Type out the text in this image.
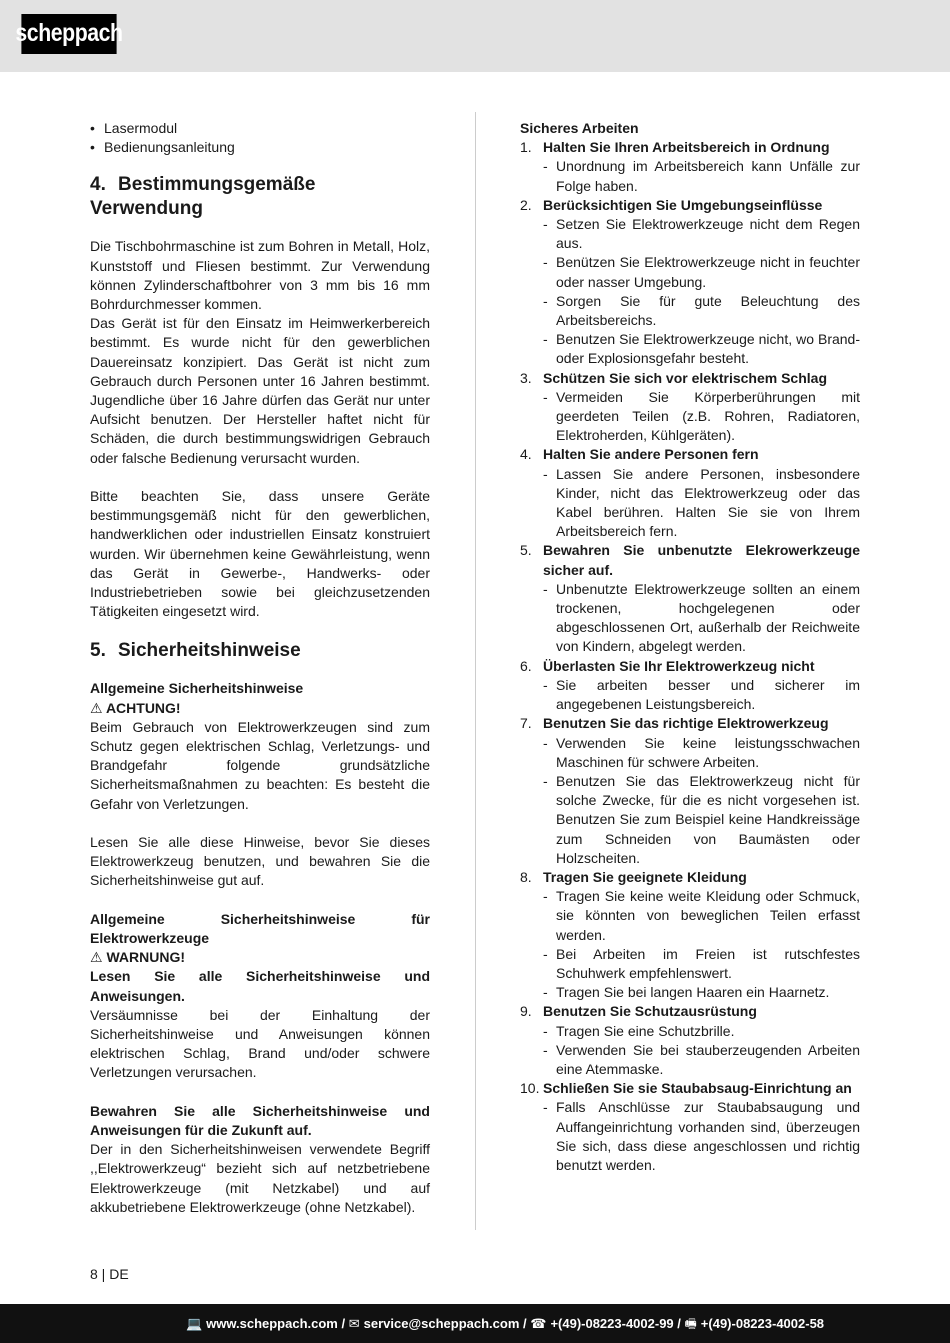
scheppach
• Lasermodul
• Bedienungsanleitung
4. Bestimmungsgemäße Verwendung

Die Tischbohrmaschine ist zum Bohren in Metall, Holz, Kunststoff und Fliesen bestimmt. Zur Verwendung können Zylinderschaftbohrer von 3 mm bis 16 mm Bohrdurchmesser kommen.

Das Gerät ist für den Einsatz im Heimwerkerbereich bestimmt. Es wurde nicht für den gewerblichen Dauereinsatz konzipiert. Das Gerät ist nicht zum Gebrauch durch Personen unter 16 Jahren bestimmt. Jugendliche über 16 Jahre dürfen das Gerät nur unter Aufsicht benutzen. Der Hersteller haftet nicht für Schäden, die durch bestimmungswidrigen Gebrauch oder falsche Bedienung verursacht wurden.

Bitte beachten Sie, dass unsere Geräte bestimmungsgemäß nicht für den gewerblichen, handwerklichen oder industriellen Einsatz konstruiert wurden. Wir übernehmen keine Gewährleistung, wenn das Gerät in Gewerbe-, Handwerks- oder Industriebetrieben sowie bei gleichzusetzenden Tätigkeiten eingesetzt wird.

5. Sicherheitshinweise

Allgemeine Sicherheitshinweise

⚠ ACHTUNG!

Beim Gebrauch von Elektrowerkzeugen sind zum Schutz gegen elektrischen Schlag, Verletzungs- und Brandgefahr folgende grundsätzliche Sicherheitsmaßnahmen zu beachten: Es besteht die Gefahr von Verletzungen.

Lesen Sie alle diese Hinweise, bevor Sie dieses Elektrowerkzeug benutzen, und bewahren Sie die Sicherheitshinweise gut auf.

Allgemeine Sicherheitshinweise für Elektrowerkzeuge

⚠ WARNUNG!

Lesen Sie alle Sicherheitshinweise und Anweisungen.

Versäumnisse bei der Einhaltung der Sicherheitshinweise und Anweisungen können elektrischen Schlag, Brand und/oder schwere Verletzungen verursachen.

Bewahren Sie alle Sicherheitshinweise und Anweisungen für die Zukunft auf.

Der in den Sicherheitshinweisen verwendete Begriff ,,Elektrowerkzeug“ bezieht sich auf netzbetriebene Elektrowerkzeuge (mit Netzkabel) und auf akkubetriebene Elektrowerkzeuge (ohne Netzkabel).

Sicheres Arbeiten

1. Halten Sie Ihren Arbeitsbereich in Ordnung
- Unordnung im Arbeitsbereich kann Unfälle zur Folge haben.
2. Berücksichtigen Sie Umgebungseinflüsse
- Setzen Sie Elektrowerkzeuge nicht dem Regen aus.
- Benützen Sie Elektrowerkzeuge nicht in feuchter oder nasser Umgebung.
- Sorgen Sie für gute Beleuchtung des Arbeitsbereichs.
- Benutzen Sie Elektrowerkzeuge nicht, wo Brand- oder Explosionsgefahr besteht.
3. Schützen Sie sich vor elektrischem Schlag
- Vermeiden Sie Körperberührungen mit geerdeten Teilen (z.B. Rohren, Radiatoren, Elektroherden, Kühlgeräten).
4. Halten Sie andere Personen fern
- Lassen Sie andere Personen, insbesondere Kinder, nicht das Elektrowerkzeug oder das Kabel berühren. Halten Sie sie von Ihrem Arbeitsbereich fern.
5. Bewahren Sie unbenutzte Elekrowerkzeuge sicher auf.
- Unbenutzte Elektrowerkzeuge sollten an einem trockenen, hochgelegenen oder abgeschlossenen Ort, außerhalb der Reichweite von Kindern, abgelegt werden.
6. Überlasten Sie Ihr Elektrowerkzeug nicht
- Sie arbeiten besser und sicherer im angegebenen Leistungsbereich.
7. Benutzen Sie das richtige Elektrowerkzeug
- Verwenden Sie keine leistungsschwachen Maschinen für schwere Arbeiten.
- Benutzen Sie das Elektrowerkzeug nicht für solche Zwecke, für die es nicht vorgesehen ist. Benutzen Sie zum Beispiel keine Handkreissäge zum Schneiden von Baumästen oder Holzscheiten.
8. Tragen Sie geeignete Kleidung
- Tragen Sie keine weite Kleidung oder Schmuck, sie könnten von beweglichen Teilen erfasst werden.
- Bei Arbeiten im Freien ist rutschfestes Schuhwerk empfehlenswert.
- Tragen Sie bei langen Haaren ein Haarnetz.
9. Benutzen Sie Schutzausrüstung
- Tragen Sie eine Schutzbrille.
- Verwenden Sie bei stauberzeugenden Arbeiten eine Atemmaske.
10. Schließen Sie sie Staubabsaug-Einrichtung an
- Falls Anschlüsse zur Staubabsaugung und Auffangeinrichtung vorhanden sind, überzeugen Sie sich, dass diese angeschlossen und richtig benutzt werden.
8 | DE
💻 www.scheppach.com / ✉ service@scheppach.com / ☎ +(49)-08223-4002-99 / 🖷 +(49)-08223-4002-58
